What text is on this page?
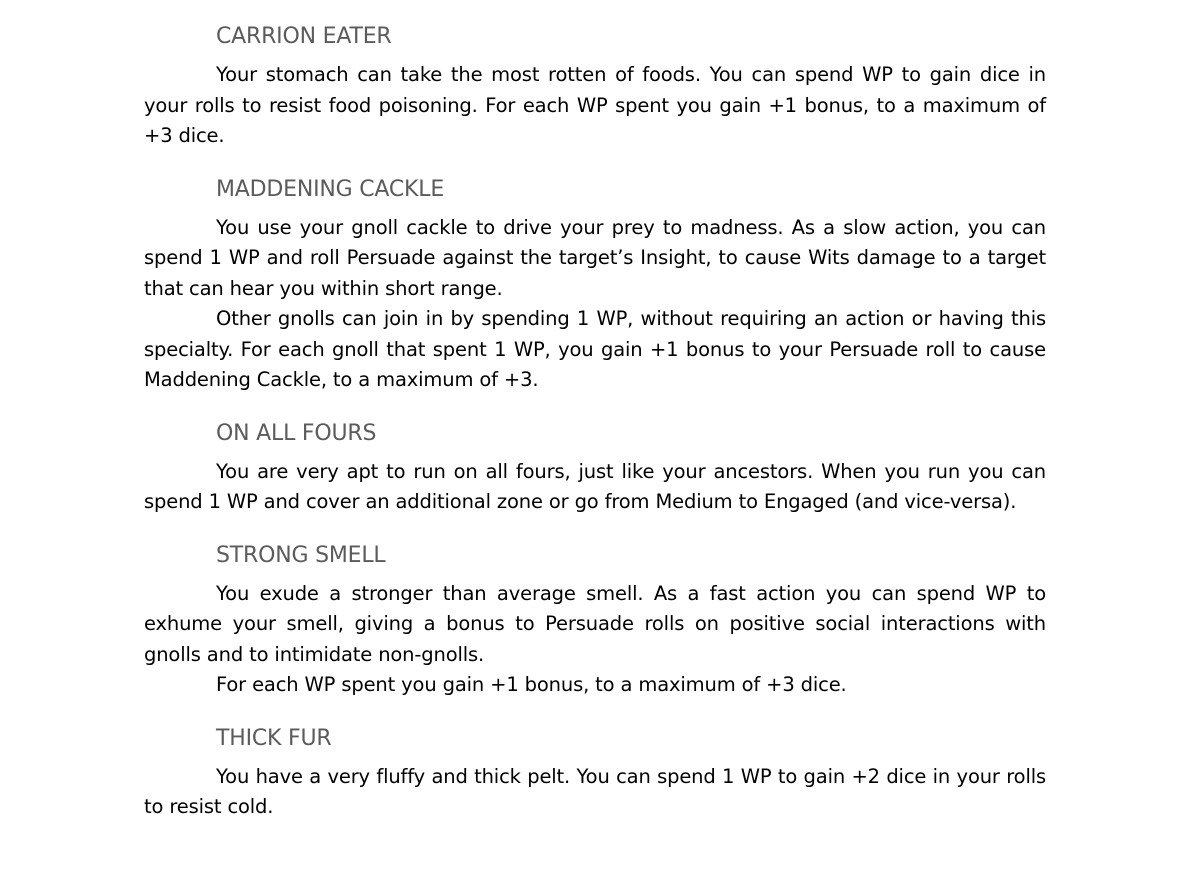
CARRION EATER

Your stomach can take the most rotten of foods. You can spend WP to gain dice in your rolls to resist food poisoning. For each WP spent you gain +1 bonus, to a maximum of +3 dice.

MADDENING CACKLE

You use your gnoll cackle to drive your prey to madness. As a slow action, you can spend 1 WP and roll Persuade against the target’s Insight, to cause Wits damage to a target that can hear you within short range.

Other gnolls can join in by spending 1 WP, without requiring an action or having this specialty. For each gnoll that spent 1 WP, you gain +1 bonus to your Persuade roll to cause Maddening Cackle, to a maximum of +3.

ON ALL FOURS

You are very apt to run on all fours, just like your ancestors. When you run you can spend 1 WP and cover an additional zone or go from Medium to Engaged (and vice-versa).

STRONG SMELL

You exude a stronger than average smell. As a fast action you can spend WP to exhume your smell, giving a bonus to Persuade rolls on positive social interactions with gnolls and to intimidate non-gnolls.

For each WP spent you gain +1 bonus, to a maximum of +3 dice.

THICK FUR

You have a very fluffy and thick pelt. You can spend 1 WP to gain +2 dice in your rolls to resist cold.
